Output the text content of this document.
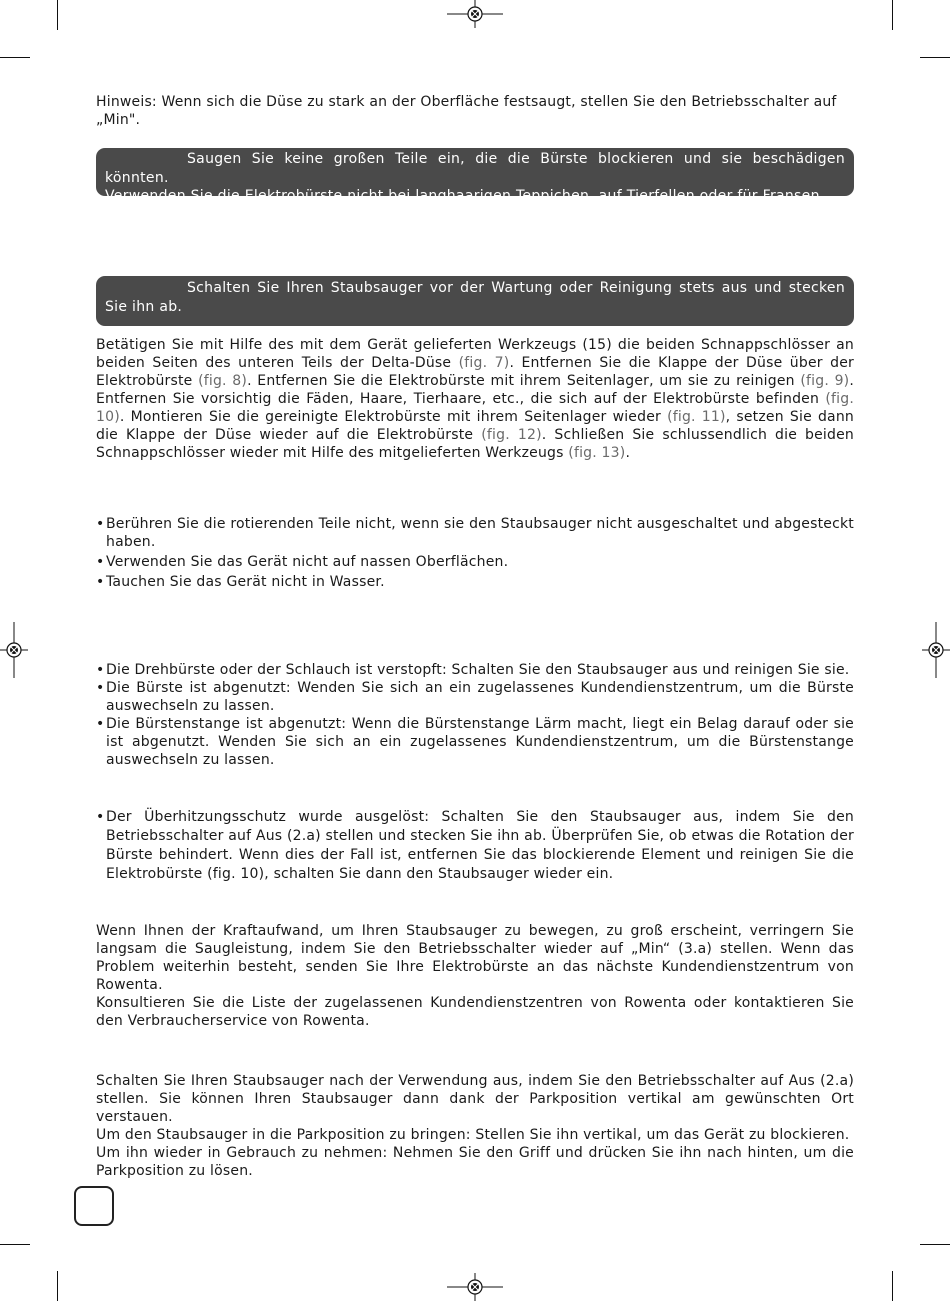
Hinweis: Wenn sich die Düse zu stark an der Oberfläche festsaugt, stellen Sie den Betriebsschalter auf „Min".

Saugen Sie keine großen Teile ein, die die Bürste blockieren und sie beschädigen könnten.
Verwenden Sie die Elektrobürste nicht bei langhaarigen Teppichen, auf Tierfellen oder für Fransen.
Schalten Sie Ihren Staubsauger vor der Wartung oder Reinigung stets aus und stecken
Sie ihn ab.

Betätigen Sie mit Hilfe des mit dem Gerät gelieferten Werkzeugs (15) die beiden Schnappschlösser an beiden Seiten des unteren Teils der Delta-Düse (fig. 7). Entfernen Sie die Klappe der Düse über der Elektrobürste (fig. 8). Entfernen Sie die Elektrobürste mit ihrem Seitenlager, um sie zu reinigen (fig. 9). Entfernen Sie vorsichtig die Fäden, Haare, Tierhaare, etc., die sich auf der Elektrobürste befinden (fig. 10). Montieren Sie die gereinigte Elektrobürste mit ihrem Seitenlager wieder (fig. 11), setzen Sie dann die Klappe der Düse wieder auf die Elektrobürste (fig. 12). Schließen Sie schlussendlich die beiden Schnappschlösser wieder mit Hilfe des mitgelieferten Werkzeugs (fig. 13).

• Berühren Sie die rotierenden Teile nicht, wenn sie den Staubsauger nicht ausgeschaltet und abgesteckt haben.
• Verwenden Sie das Gerät nicht auf nassen Oberflächen.
• Tauchen Sie das Gerät nicht in Wasser.
• Die Drehbürste oder der Schlauch ist verstopft: Schalten Sie den Staubsauger aus und reinigen Sie sie.
• Die Bürste ist abgenutzt: Wenden Sie sich an ein zugelassenes Kundendienstzentrum, um die Bürste auswechseln zu lassen.
• Die Bürstenstange ist abgenutzt: Wenn die Bürstenstange Lärm macht, liegt ein Belag darauf oder sie ist abgenutzt. Wenden Sie sich an ein zugelassenes Kundendienstzentrum, um die Bürstenstange auswechseln zu lassen.
• Der Überhitzungsschutz wurde ausgelöst: Schalten Sie den Staubsauger aus, indem Sie den Betriebsschalter auf Aus (2.a) stellen und stecken Sie ihn ab. Überprüfen Sie, ob etwas die Rotation der Bürste behindert. Wenn dies der Fall ist, entfernen Sie das blockierende Element und reinigen Sie die Elektrobürste (fig. 10), schalten Sie dann den Staubsauger wieder ein.

Wenn Ihnen der Kraftaufwand, um Ihren Staubsauger zu bewegen, zu groß erscheint, verringern Sie langsam die Saugleistung, indem Sie den Betriebsschalter wieder auf „Min“ (3.a) stellen. Wenn das Problem weiterhin besteht, senden Sie Ihre Elektrobürste an das nächste Kundendienstzentrum von Rowenta.

Konsultieren Sie die Liste der zugelassenen Kundendienstzentren von Rowenta oder kontaktieren Sie den Verbraucherservice von Rowenta.

Schalten Sie Ihren Staubsauger nach der Verwendung aus, indem Sie den Betriebsschalter auf Aus (2.a) stellen. Sie können Ihren Staubsauger dann dank der Parkposition vertikal am gewünschten Ort verstauen.

Um den Staubsauger in die Parkposition zu bringen: Stellen Sie ihn vertikal, um das Gerät zu blockieren.

Um ihn wieder in Gebrauch zu nehmen: Nehmen Sie den Griff und drücken Sie ihn nach hinten, um die Parkposition zu lösen.
